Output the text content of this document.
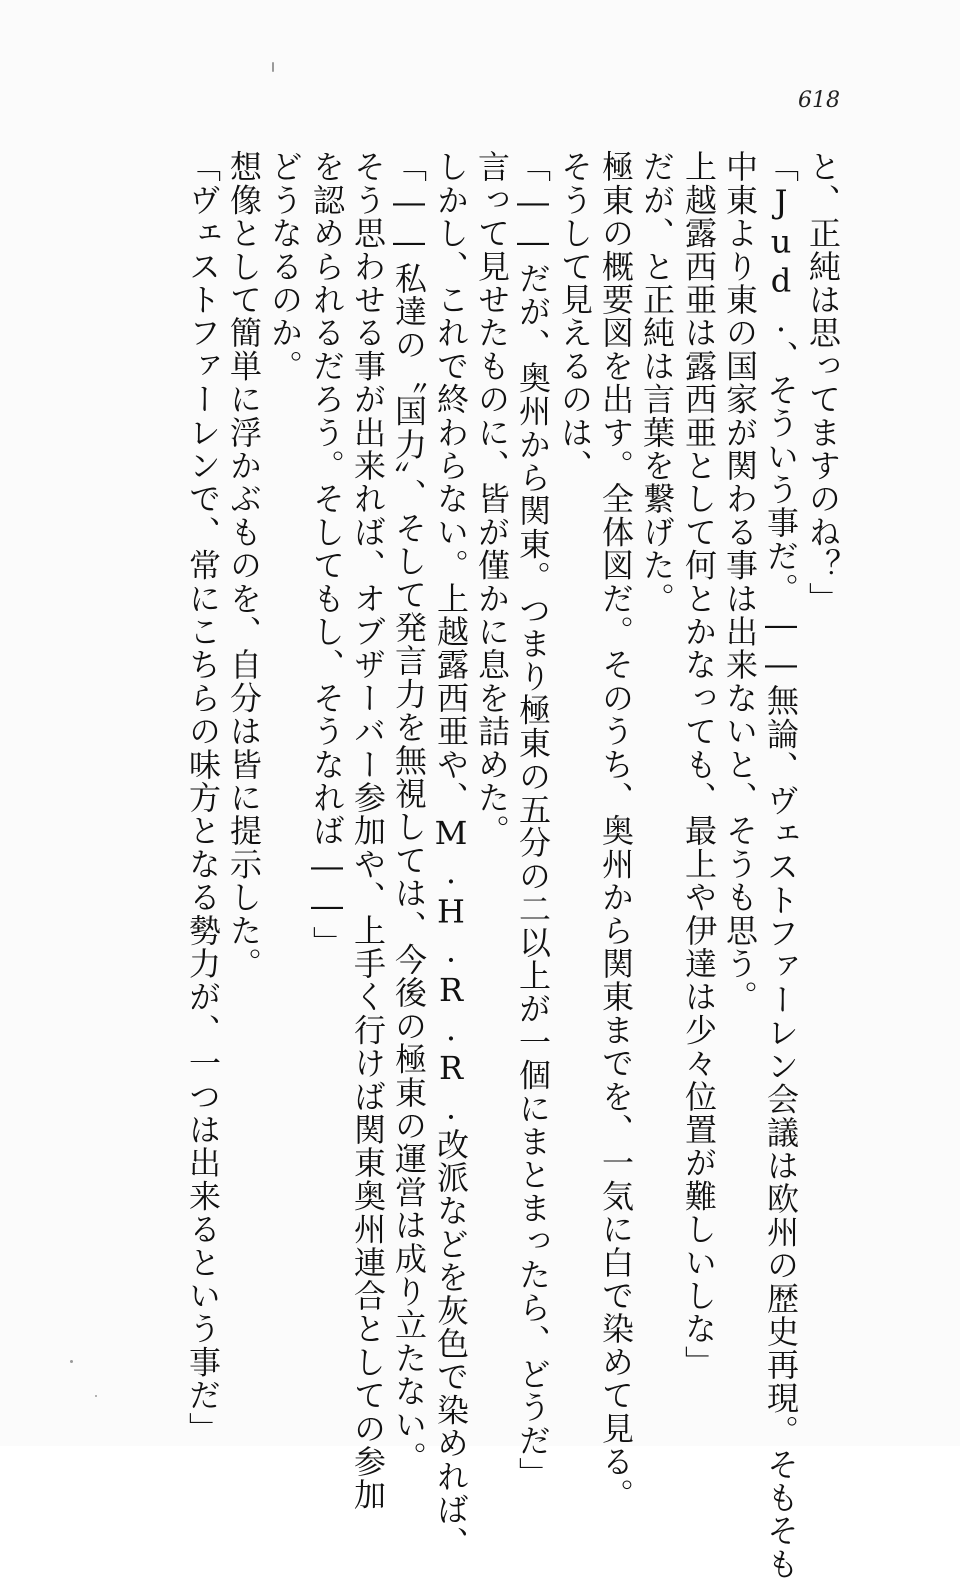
618
と、正純は思ってますのね？」
「Jud.、そういう事だ。――無論、ヴェストファーレン会議は欧州の歴史再現。そもそも
中東より東の国家が関わる事は出来ないと、そうも思う。
上越露西亜は露西亜として何とかなっても、最上や伊達は少々位置が難しいしな」
だが、と正純は言葉を繋げた。
極東の概要図を出す。全体図だ。そのうち、奥州から関東までを、一気に白で染めて見る。
そうして見えるのは、
「――だが、奥州から関東。つまり極東の五分の二以上が一個にまとまったら、どうだ」
言って見せたものに、皆が僅かに息を詰めた。
しかし、これで終わらない。上越露西亜や、M.H.R.R.改派などを灰色で染めれば、
「――私達の〝国力〟、そして発言力を無視しては、今後の極東の運営は成り立たない。
そう思わせる事が出来れば、オブザーバー参加や、上手く行けば関東奥州連合としての参加
を認められるだろう。そしてもし、そうなれば――」
どうなるのか。
想像として簡単に浮かぶものを、自分は皆に提示した。
「ヴェストファーレンで、常にこちらの味方となる勢力が、一つは出来るという事だ」
